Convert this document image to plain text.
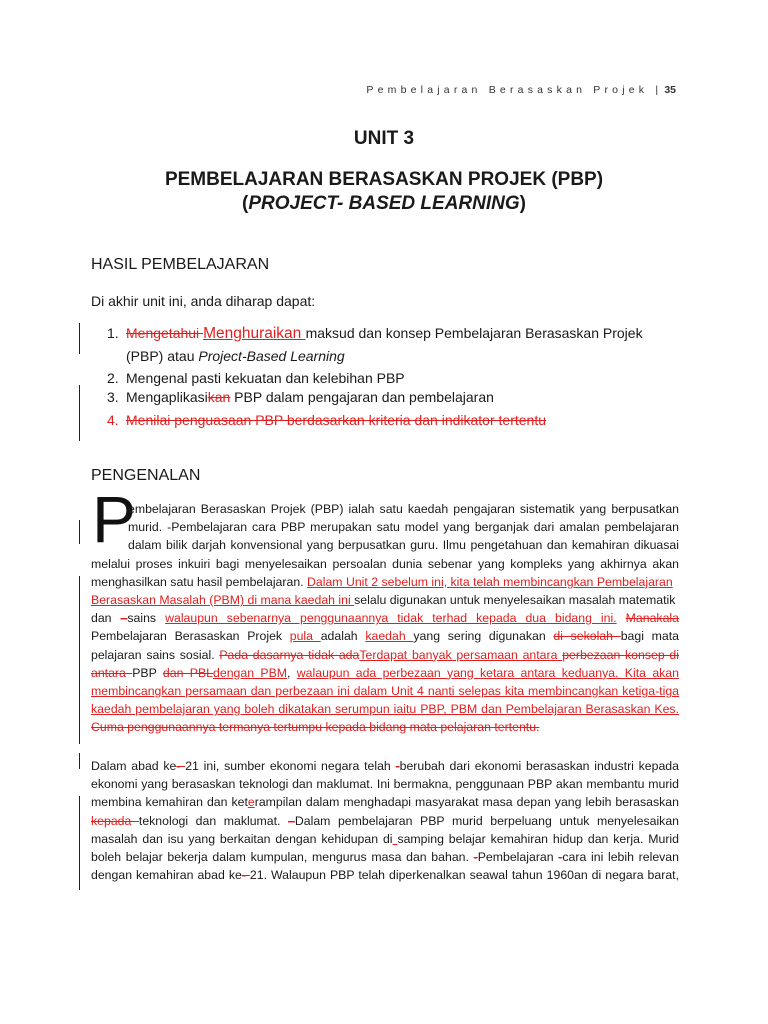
Pembelajaran Berasaskan Projek | 35
UNIT 3
PEMBELAJARAN BERASASKAN PROJEK (PBP)
(PROJECT- BASED LEARNING)
HASIL PEMBELAJARAN
Di akhir unit ini, anda diharap dapat:
1. Mengetahui Menghuraikan maksud dan konsep Pembelajaran Berasaskan Projek
(PBP) atau Project-Based Learning
2. Mengenal pasti kekuatan dan kelebihan PBP
3. Mengaplikasikan PBP dalam pengajaran dan pembelajaran
4. Menilai penguasaan PBP berdasarkan kriteria dan indikator tertentu
PENGENALAN
P
embelajaran Berasaskan Projek (PBP) ialah satu kaedah pengajaran sistematik yang berpusatkan
murid. -Pembelajaran cara PBP merupakan satu model yang berganjak dari amalan pembelajaran
dalam bilik darjah konvensional yang berpusatkan guru. Ilmu pengetahuan dan kemahiran dikuasai
melalui proses inkuiri bagi menyelesaikan persoalan dunia sebenar yang kompleks yang akhirnya akan
menghasilkan satu hasil pembelajaran. Dalam Unit 2 sebelum ini, kita telah membincangkan Pembelajaran
Berasaskan Masalah (PBM) di mana kaedah ini selalu digunakan untuk menyelesaikan masalah matematik
dan –sains walaupun sebenarnya penggunaannya tidak terhad kepada dua bidang ini. Manakala
Pembelajaran Berasaskan Projek pula adalah kaedah yang sering digunakan di sekolah bagi mata
pelajaran sains sosial. Pada dasarnya tidak adaTerdapat banyak persamaan antara perbezaan konsep di
antara PBP dan PBLdengan PBM, walaupun ada perbezaan yang ketara antara keduanya. Kita akan
membincangkan persamaan dan perbezaan ini dalam Unit 4 nanti selepas kita membincangkan ketiga-tiga
kaedah pembelajaran yang boleh dikatakan serumpun iaitu PBP, PBM dan Pembelajaran Berasaskan Kes.
Cuma penggunaannya termanya tertumpu kepada bidang mata pelajaran tertentu.
Dalam abad ke- 21 ini, sumber ekonomi negara telah -berubah dari ekonomi berasaskan industri kepada
ekonomi yang berasaskan teknologi dan maklumat. Ini bermakna, penggunaan PBP akan membantu murid
membina kemahiran dan keterampilan dalam menghadapi masyarakat masa depan yang lebih berasaskan
kepada teknologi dan maklumat. –Dalam pembelajaran PBP murid berpeluang untuk menyelesaikan
masalah dan isu yang berkaitan dengan kehidupan di samping belajar kemahiran hidup dan kerja. Murid
boleh belajar bekerja dalam kumpulan, mengurus masa dan bahan. -Pembelajaran -cara ini lebih relevan
dengan kemahiran abad ke- 21. Walaupun PBP telah diperkenalkan seawal tahun 1960an di negara barat,
